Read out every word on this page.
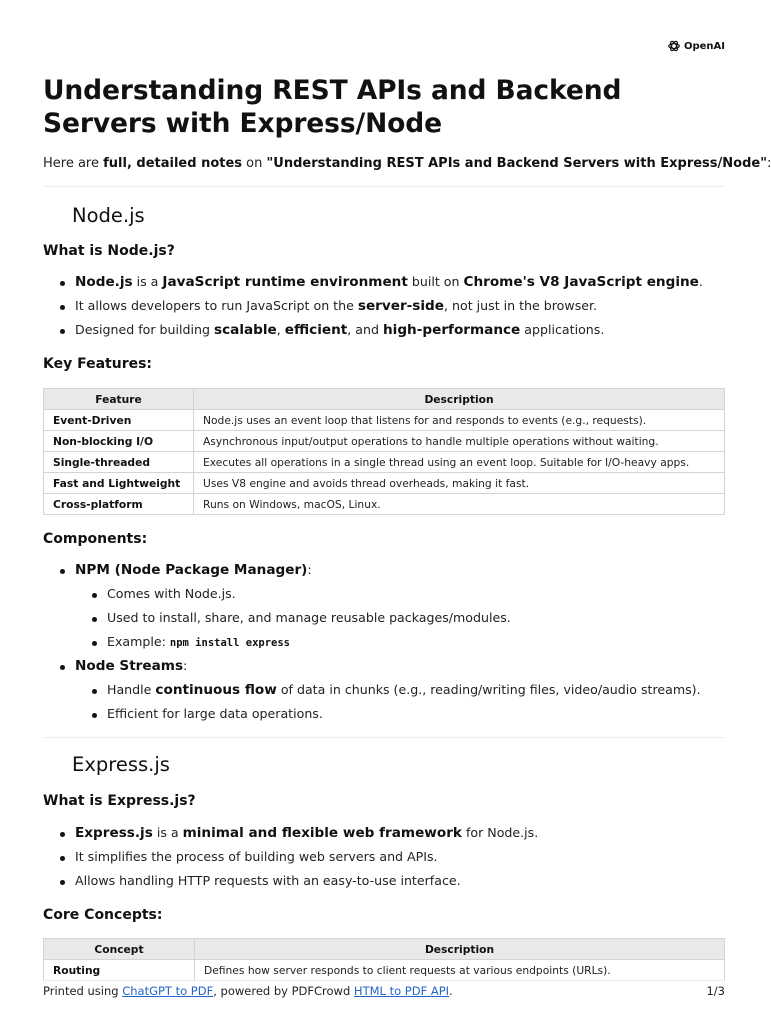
OpenAI
Understanding REST APIs and Backend Servers with Express/Node
Here are full, detailed notes on "Understanding REST APIs and Backend Servers with Express/Node":
Node.js
What is Node.js?
Node.js is a JavaScript runtime environment built on Chrome's V8 JavaScript engine.
It allows developers to run JavaScript on the server-side, not just in the browser.
Designed for building scalable, efficient, and high-performance applications.
Key Features:
Feature	Description
Event-Driven	Node.js uses an event loop that listens for and responds to events (e.g., requests).
Non-blocking I/O	Asynchronous input/output operations to handle multiple operations without waiting.
Single-threaded	Executes all operations in a single thread using an event loop. Suitable for I/O-heavy apps.
Fast and Lightweight	Uses V8 engine and avoids thread overheads, making it fast.
Cross-platform	Runs on Windows, macOS, Linux.
Components:
NPM (Node Package Manager):
Comes with Node.js.
Used to install, share, and manage reusable packages/modules.
Example: npm install express
Node Streams:
Handle continuous flow of data in chunks (e.g., reading/writing files, video/audio streams).
Efficient for large data operations.
Express.js
What is Express.js?
Express.js is a minimal and flexible web framework for Node.js.
It simplifies the process of building web servers and APIs.
Allows handling HTTP requests with an easy-to-use interface.
Core Concepts:
Concept	Description
Routing	Defines how server responds to client requests at various endpoints (URLs).
Printed using ChatGPT to PDF, powered by PDFCrowd HTML to PDF API.	1/3
